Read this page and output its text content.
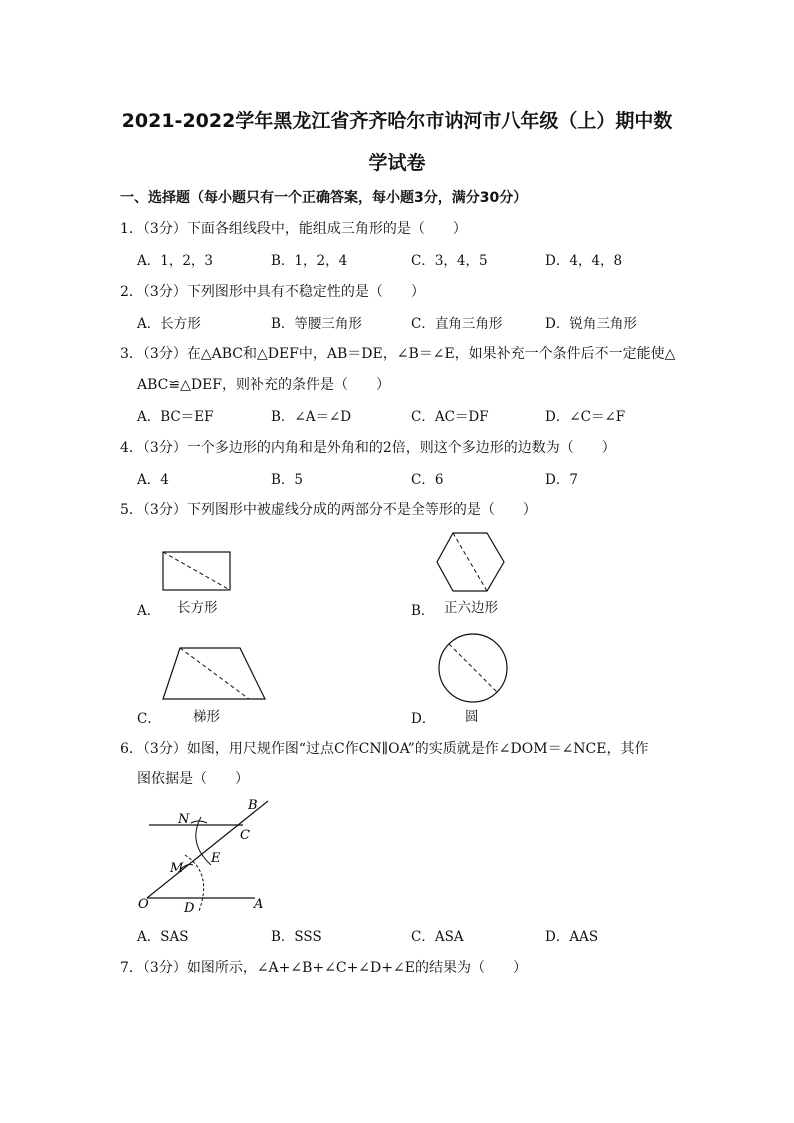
2021-2022学年黑龙江省齐齐哈尔市讷河市八年级（上）期中数
学试卷
一、选择题（每小题只有一个正确答案，每小题3分，满分30分）
1．（3分）下面各组线段中，能组成三角形的是（　　）
A．1，2，3	B．1，2，4	C．3，4，5	D．4，4，8
2．（3分）下列图形中具有不稳定性的是（　　）
A．长方形	B．等腰三角形	C．直角三角形	D．锐角三角形
3．（3分）在△ABC和△DEF中，AB＝DE，∠B＝∠E，如果补充一个条件后不一定能使△
ABC≌△DEF，则补充的条件是（　　）
A．BC＝EF	B．∠A＝∠D	C．AC＝DF	D．∠C＝∠F
4．（3分）一个多边形的内角和是外角和的2倍，则这个多边形的边数为（　　）
A．4	B．5	C．6	D．7
5．（3分）下列图形中被虚线分成的两部分不是全等形的是（　　）
A． 长方形	B． 正六边形
C． 梯形	D． 圆
6．（3分）如图，用尺规作图“过点C作CN∥OA”的实质就是作∠DOM＝∠NCE，其作
图依据是（　　）
B
N
C
E
M
O	D	A
A．SAS	B．SSS	C．ASA	D．AAS
7．（3分）如图所示，∠A+∠B+∠C+∠D+∠E的结果为（　　）
